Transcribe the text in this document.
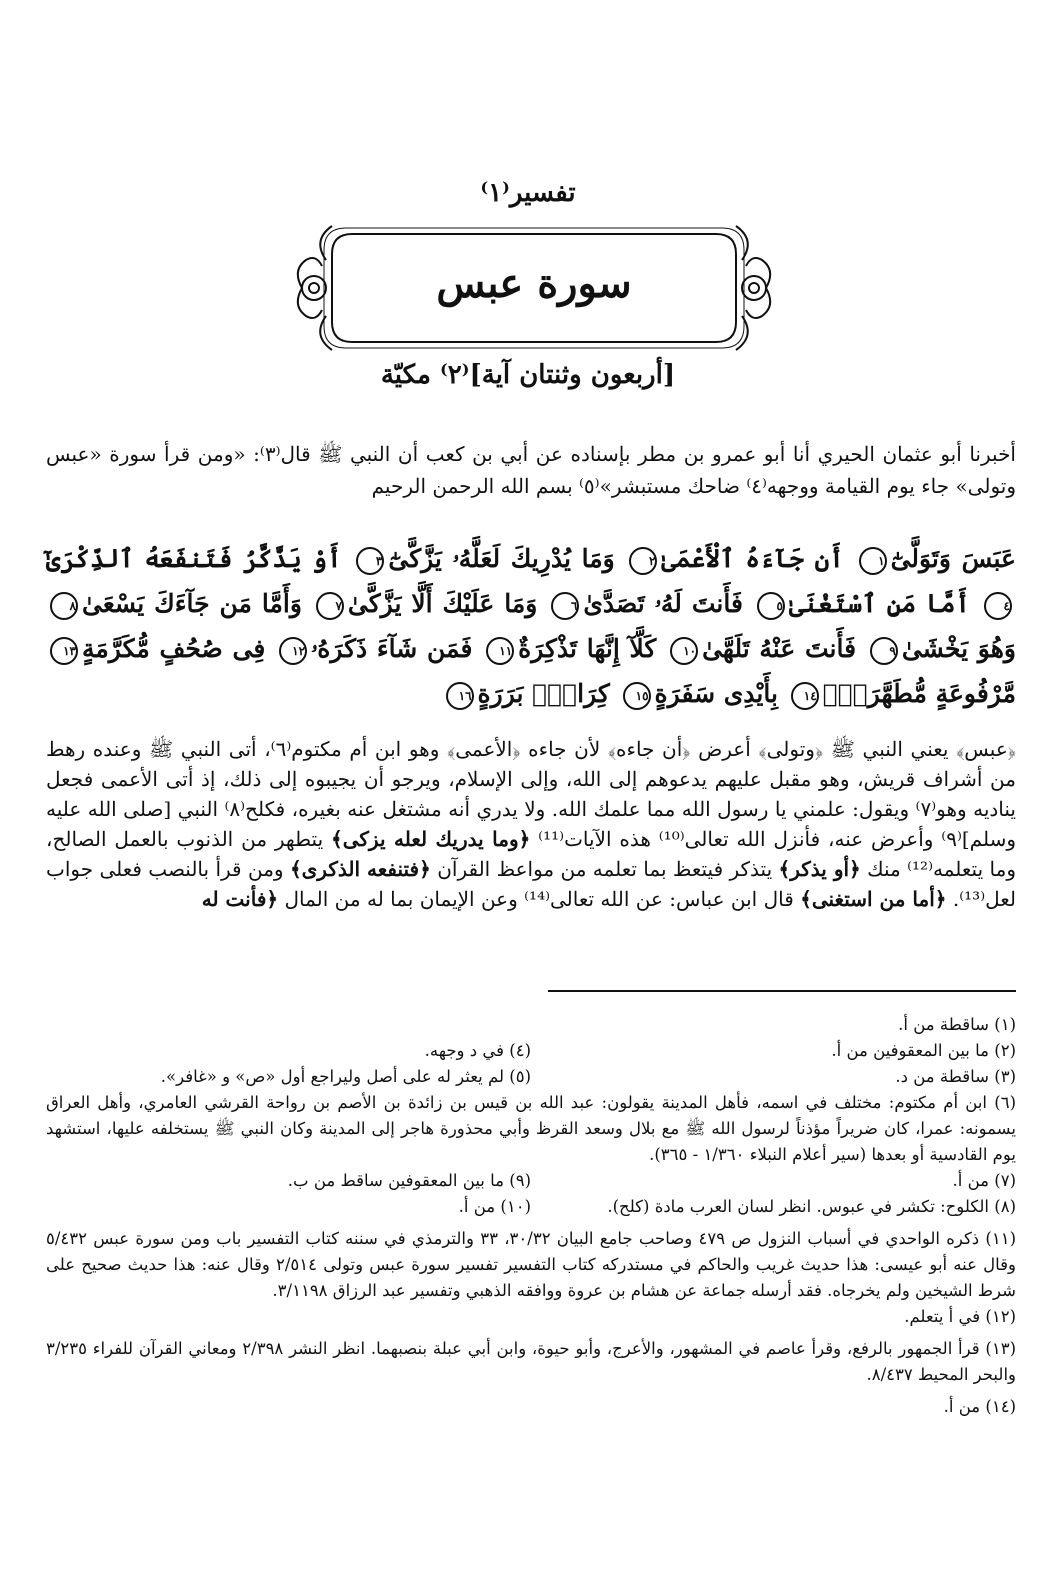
تفسير⁽١⁾
سورة عبس
[أربعون وثنتان آية]⁽٢⁾ مكيّة
أخبرنا أبو عثمان الحيري أنا أبو عمرو بن مطر بإسناده عن أبي بن كعب أن النبي ﷺ قال⁽٣⁾: «ومن قرأ سورة «عبس وتولى» جاء يوم القيامة ووجهه⁽٤⁾ ضاحك مستبشر»⁽٥⁾ بسم الله الرحمن الرحيم
عَبَسَ وَتَوَلَّىٰٓ١ أَن جَآءَهُ ٱلْأَعْمَىٰ٢ وَمَا يُدْرِيكَ لَعَلَّهُۥ يَزَّكَّىٰٓ٣ أَوْ يَذَّكَّرُ فَتَنفَعَهُ ٱلذِّكْرَىٰٓ٤ أَمَّا مَنِ ٱسْتَغْنَىٰ٥ فَأَنتَ لَهُۥ تَصَدَّىٰ٦ وَمَا عَلَيْكَ أَلَّا يَزَّكَّىٰ٧ وَأَمَّا مَن جَآءَكَ يَسْعَىٰ٨ وَهُوَ يَخْشَىٰ٩ فَأَنتَ عَنْهُ تَلَهَّىٰ١٠ كَلَّآ إِنَّهَا تَذْكِرَةٌ١١ فَمَن شَآءَ ذَكَرَهُۥ١٢ فِى صُحُفٍ مُّكَرَّمَةٍ١٣ مَّرْفُوعَةٍ مُّطَهَّرَةٍۭ١٤ بِأَيْدِى سَفَرَةٍ١٥ كِرَامٍۭ بَرَرَةٍ١٦
﴿عبس﴾ يعني النبي ﷺ ﴿وتولى﴾ أعرض ﴿أن جاءه﴾ لأن جاءه ﴿الأعمى﴾ وهو ابن أم مكتوم⁽٦⁾، أتى النبي ﷺ وعنده رهط من أشراف قريش، وهو مقبل عليهم يدعوهم إلى الله، وإلى الإسلام، ويرجو أن يجيبوه إلى ذلك، إذ أتى الأعمى فجعل يناديه وهو⁽٧⁾ ويقول: علمني يا رسول الله مما علمك الله. ولا يدري أنه مشتغل عنه بغيره، فكلح⁽٨⁾ النبي [صلى الله عليه وسلم]⁽٩⁾ وأعرض عنه، فأنزل الله تعالى⁽¹⁰⁾ هذه الآيات⁽¹¹⁾ ﴿وما يدريك لعله يزكى﴾ يتطهر من الذنوب بالعمل الصالح، وما يتعلمه⁽¹²⁾ منك ﴿أو يذكر﴾ يتذكر فيتعظ بما تعلمه من مواعظ القرآن ﴿فتنفعه الذكرى﴾ ومن قرأ بالنصب فعلى جواب لعل⁽¹³⁾. ﴿أما من استغنى﴾ قال ابن عباس: عن الله تعالى⁽¹⁴⁾ وعن الإيمان بما له من المال ﴿فأنت له

(١) ساقطة من أ.

(٢) ما بين المعقوفين من أ.

(٤) في د وجهه.

(٣) ساقطة من د.

(٥) لم يعثر له على أصل وليراجع أول «ص» و «غافر».

(٦) ابن أم مكتوم: مختلف في اسمه، فأهل المدينة يقولون: عبد الله بن قيس بن زائدة بن الأصم بن رواحة القرشي العامري، وأهل العراق يسمونه: عمرا، كان ضريراً مؤذناً لرسول الله ﷺ مع بلال وسعد القرظ وأبي محذورة هاجر إلى المدينة وكان النبي ﷺ يستخلفه عليها، استشهد يوم القادسية أو بعدها (سير أعلام النبلاء ١/٣٦٠ - ٣٦٥).

(٧) من أ.

(٩) ما بين المعقوفين ساقط من ب.

(٨) الكلوح: تكشر في عبوس. انظر لسان العرب مادة (كلح).

(١٠) من أ.

(١١) ذكره الواحدي في أسباب النزول ص ٤٧٩ وصاحب جامع البيان ٣٠/٣٢، ٣٣ والترمذي في سننه كتاب التفسير باب ومن سورة عبس ٥/٤٣٢ وقال عنه أبو عيسى: هذا حديث غريب والحاكم في مستدركه كتاب التفسير تفسير سورة عبس وتولى ٢/٥١٤ وقال عنه: هذا حديث صحيح على شرط الشيخين ولم يخرجاه. فقد أرسله جماعة عن هشام بن عروة ووافقه الذهبي وتفسير عبد الرزاق ٣/١١٩٨.

(١٢) في أ يتعلم.

(١٣) قرأ الجمهور بالرفع، وقرأ عاصم في المشهور، والأعرج، وأبو حيوة، وابن أبي عبلة بنصبهما. انظر النشر ٢/٣٩٨ ومعاني القرآن للفراء ٣/٢٣٥ والبحر المحيط ٨/٤٣٧.

(١٤) من أ.
